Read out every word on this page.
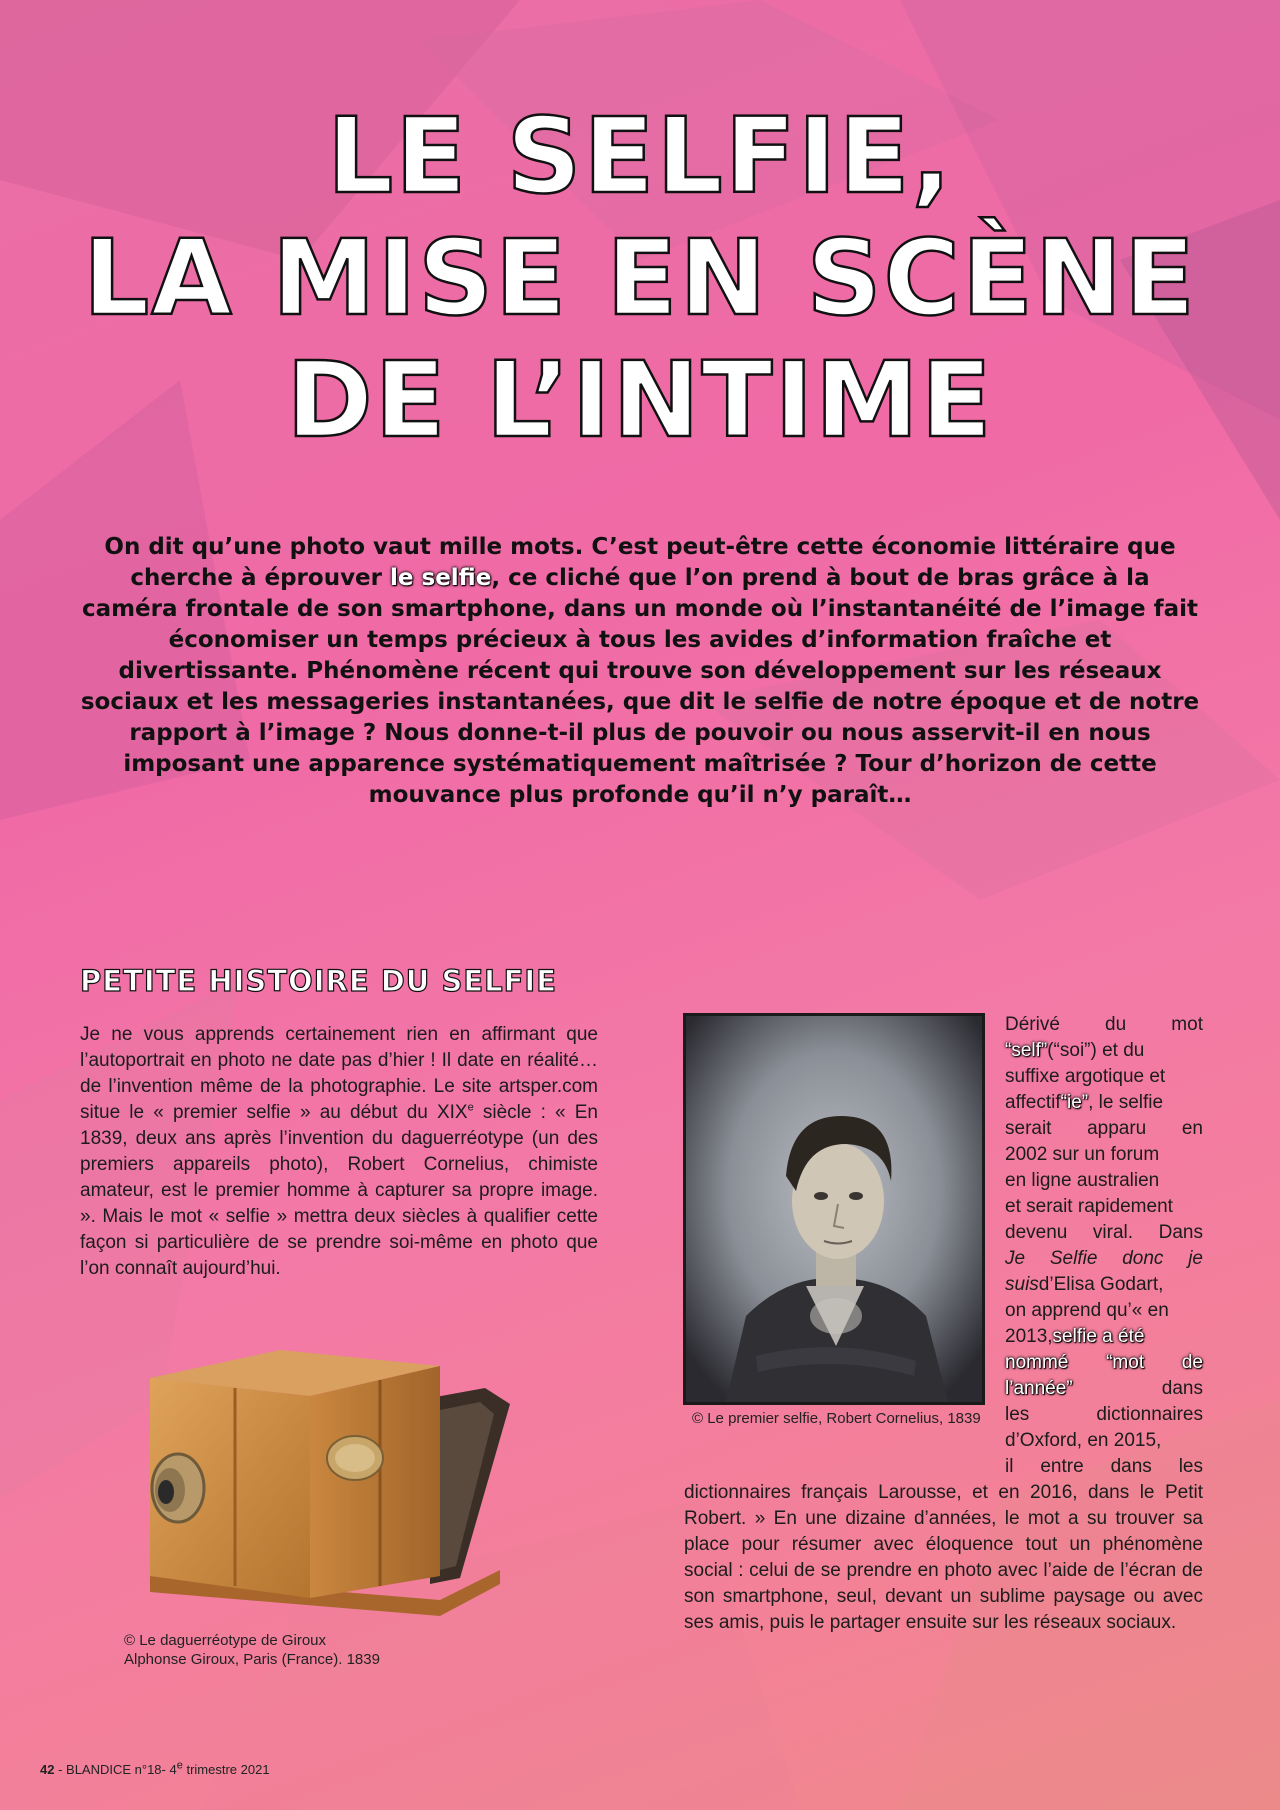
LE SELFIE,
LA MISE EN SCÈNE
DE L’INTIME

On dit qu’une photo vaut mille mots. C’est peut-être cette économie littéraire que cherche à éprouver le selfie, ce cliché que l’on prend à bout de bras grâce à la caméra frontale de son smartphone, dans un monde où l’instantanéité de l’image fait économiser un temps précieux à tous les avides d’information fraîche et divertissante. Phénomène récent qui trouve son développement sur les réseaux sociaux et les messageries instantanées, que dit le selfie de notre époque et de notre rapport à l’image ? Nous donne-t-il plus de pouvoir ou nous asservit-il en nous imposant une apparence systématiquement maîtrisée ? Tour d’horizon de cette mouvance plus profonde qu’il n’y paraît…

PETITE HISTOIRE DU SELFIE

Je ne vous apprends certainement rien en affirmant que l’autoportrait en photo ne date pas d’hier ! Il date en réalité… de l’invention même de la photographie. Le site artsper.com situe le « premier selfie » au début du XIXe siècle : « En 1839, deux ans après l’invention du daguerréotype (un des premiers appareils photo), Robert Cornelius, chimiste amateur, est le premier homme à capturer sa propre image. ». Mais le mot « selfie » mettra deux siècles à qualifier cette façon si particulière de se prendre soi-même en photo que l’on connaît aujourd’hui.

© Le daguerréotype de Giroux
Alphonse Giroux, Paris (France). 1839
© Le premier selfie, Robert Cornelius, 1839
Dérivé du mot
“self” (“soi”) et du
suffixe argotique et
affectif “ie” , le selfie
serait apparu en
2002 sur un forum
en ligne australien
et serait rapidement
devenu viral. Dans
Je Selfie donc je
suis d’Elisa Godart,
on apprend qu’« en
2013, selfie a été
nommé “mot de
l’année”	dans
les	dictionnaires
d’Oxford, en 2015,
il entre dans les

dictionnaires français Larousse, et en 2016, dans le Petit Robert. » En une dizaine d’années, le mot a su trouver sa place pour résumer avec éloquence tout un phénomène social : celui de se prendre en photo avec l’aide de l’écran de son smartphone, seul, devant un sublime paysage ou avec ses amis, puis le partager ensuite sur les réseaux sociaux.

42 - BLANDICE n°18- 4e trimestre 2021
